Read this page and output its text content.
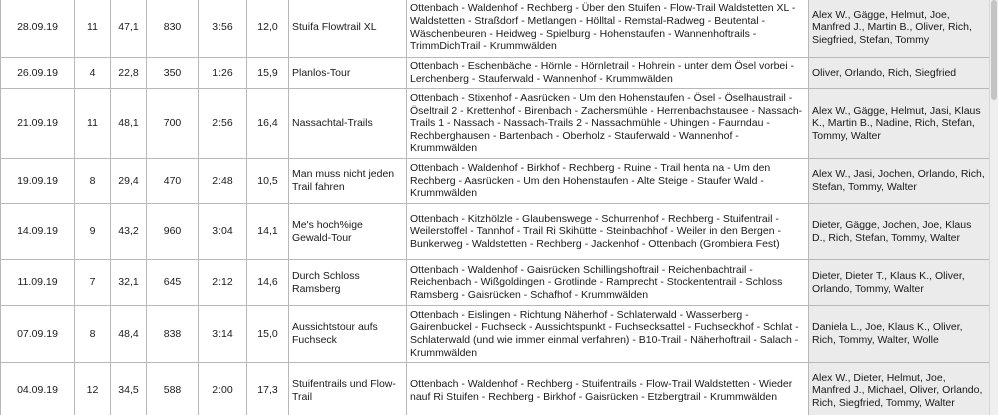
28.09.19	11	47,1	830	3:56	12,0	Stuifa Flowtrail XL	Ottenbach - Waldenhof - Rechberg - Über den Stuifen - Flow-Trail Waldstetten XL - Waldstetten - Straßdorf - Metlangen - Hölltal - Remstal-Radweg - Beutental - Wäschenbeuren - Heidweg - Spielburg - Hohenstaufen - Wannenhoftrails - TrimmDichTrail - Krummwälden	Alex W., Gägge, Helmut, Joe, Manfred J., Martin B., Oliver, Rich, Siegfried, Stefan, Tommy
26.09.19	4	22,8	350	1:26	15,9	Planlos-Tour	Ottenbach - Eschenbäche - Hörnle - Hörnletrail - Hohrein - unter dem Ösel vorbei - Lerchenberg - Stauferwald - Wannenhof - Krummwälden	Oliver, Orlando, Rich, Siegfried
21.09.19	11	48,1	700	2:56	16,4	Nassachtal-Trails	Ottenbach - Stixenhof - Aasrücken - Um den Hohenstaufen - Ösel - Öselhaustrail - Öseltrail 2 - Krettenhof - Birenbach - Zachersmühle - Herrenbachstausee - Nassach-Trails 1 - Nassach - Nassach-Trails 2 - Nassachmühle - Uhingen - Faurndau - Rechberghausen - Bartenbach - Oberholz - Stauferwald - Wannenhof - Krummwälden	Alex W., Gägge, Helmut, Jasi, Klaus K., Martin B., Nadine, Rich, Stefan, Tommy, Walter
19.09.19	8	29,4	470	2:48	10,5	Man muss nicht jeden Trail fahren	Ottenbach - Waldenhof - Birkhof - Rechberg - Ruine - Trail henta na - Um den Rechberg - Aasrücken - Um den Hohenstaufen - Alte Steige - Staufer Wald - Krummwälden	Alex W., Jasi, Jochen, Orlando, Rich, Stefan, Tommy, Walter
14.09.19	9	43,2	960	3:04	14,1	Me's hoch%ige Gewald-Tour	Ottenbach - Kitzhölzle - Glaubenswege - Schurrenhof - Rechberg - Stuifentrail - Weilerstoffel - Tannhof - Trail Ri Skihütte - Steinbachhof - Weiler in den Bergen - Bunkerweg - Waldstetten - Rechberg - Jackenhof - Ottenbach (Grombiera Fest)	Dieter, Gägge, Jochen, Joe, Klaus D., Rich, Stefan, Tommy, Walter
11.09.19	7	32,1	645	2:12	14,6	Durch Schloss Ramsberg	Ottenbach - Waldenhof - Gaisrücken Schillingshoftrail - Reichenbachtrail - Reichenbach - Wißgoldingen - Grotlinde - Ramprecht - Stockententrail - Schloss Ramsberg - Gaisrücken - Schafhof - Krummwälden	Dieter, Dieter T., Klaus K., Oliver, Orlando, Tommy, Walter
07.09.19	8	48,4	838	3:14	15,0	Aussichtstour aufs Fuchseck	Ottenbach - Eislingen - Richtung Näherhof - Schlaterwald - Wasserberg - Gairenbuckel - Fuchseck - Aussichtspunkt - Fuchsecksattel - Fuchseckhof - Schlat - Schlaterwald (und wie immer einmal verfahren) - B10-Trail - Näherhoftrail - Salach - Krummwälden	Daniela L., Joe, Klaus K., Oliver, Rich, Tommy, Walter, Wolle
04.09.19	12	34,5	588	2:00	17,3	Stuifentrails und Flow-Trail	Ottenbach - Waldenhof - Rechberg - Stuifentrails - Flow-Trail Waldstetten - Wieder nauf Ri Stuifen - Rechberg - Birkhof - Gaisrücken - Etzbergtrail - Krummwälden	Alex W., Dieter, Helmut, Joe, Manfred J., Michael, Oliver, Orlando, Rich, Siegfried, Tommy, Walter
